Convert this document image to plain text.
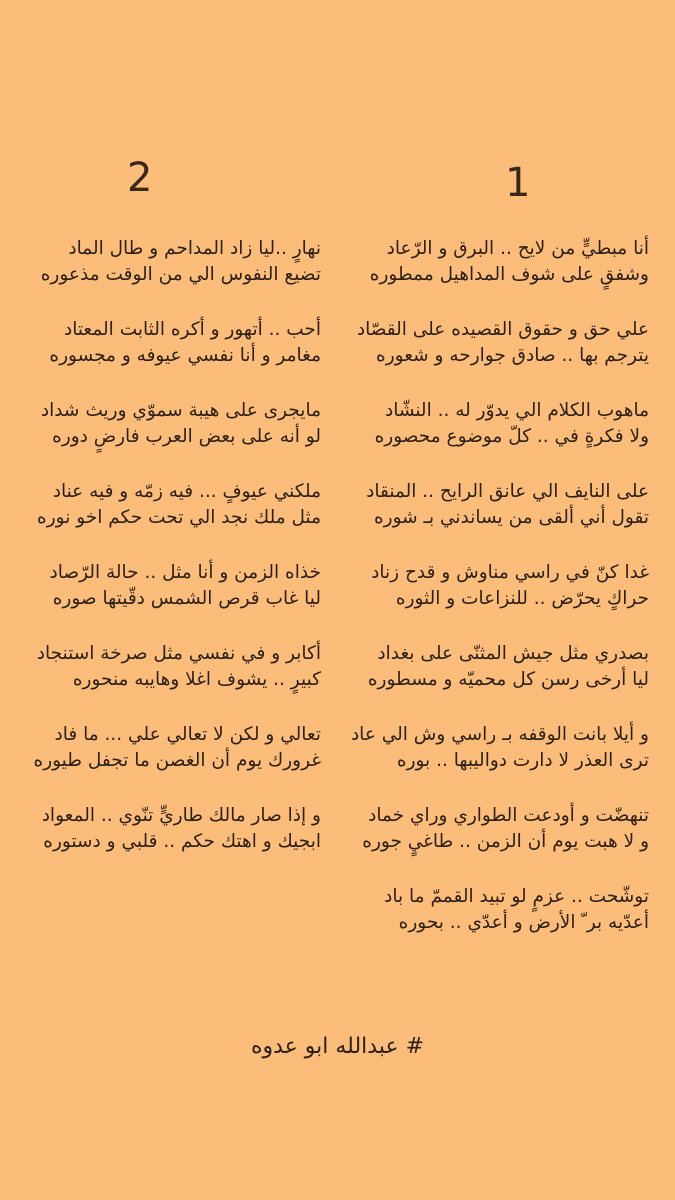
1
2
أنا مبطيٍّ من لايح .. البرق و الرّعاد
وشفقٍ على شوف المداهيل ممطوره
علي حق و حقوق القصيده على القصّاد
يترجم بها .. صادق جوارحه و شعوره
ماهوب الكلام الي يدوّر له .. النشّاد
ولا فكرةٍ في .. كلّ موضوع محصوره
على النايف الي عانق الرايح .. المنقاد
تقول أني ألقى من يساندني بـ شوره
غدا كنّ في راسي مناوش و قدح زناد
حراكٍ يحرّض .. للنزاعات و الثوره
بصدري مثل جيش المثنّى على بغداد
ليا أرخى رسن كل محميّه و مسطوره
و أيلا بانت الوقفه بـ راسي وش الي عاد
ترى العذر لا دارت دواليبها .. بوره
تنهضّت و أودعت الطواري وراي خماد
و لا هبت يوم أن الزمن .. طاغيٍ جوره
توشّحت .. عزمٍ لو تبيد القممّ ما باد
أعدّيه بر ّ الأرض و أعدّي .. بحوره
نهارٍ ..ليا زاد المداحم و طال الماد
تضيع النفوس الي من الوقت مذعوره
أحب .. أتهور و أكره الثابت المعتاد
مغامر و أنا نفسي عيوفه و مجسوره
مايجرى على هيبة سموّي وريث شداد
لو أنه على بعض العرب فارضٍ دوره
ملكني عيوفٍ ... فيه زمّه و فيه عناد
مثل ملك نجد الي تحت حكم اخو نوره
خذاه الزمن و أنا مثل .. حالة الرّصاد
ليا غاب قرص الشمس دقّيتها صوره
أكابر و في نفسي مثل صرخة استنجاد
كبيرٍ .. يشوف اغلا وهايبه منحوره
تعالي و لكن لا تعالي علي ... ما فاد
غرورك يوم أن الغصن ما تجفل طيوره
و إذا صار مالك طاريٍّ تنّوي .. المعواد
ابجيك و اهتك حكم .. قلبي و دستوره
# عبدالله ابو عدوه
